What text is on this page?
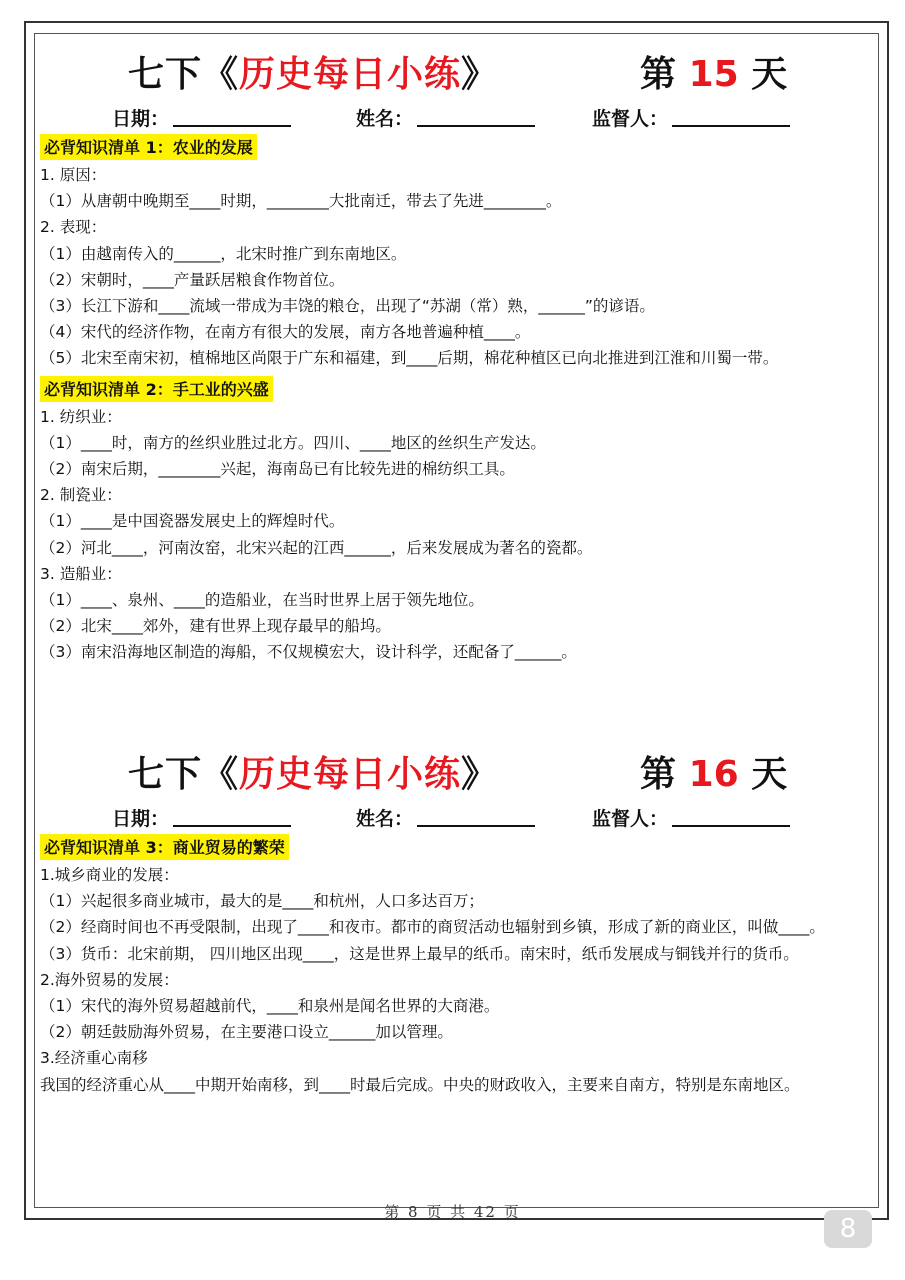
七下《历史每日小练》	第 15 天
日期：	姓名：	监督人：
必背知识清单 1：农业的发展
1. 原因：
（1）从唐朝中晚期至____时期，________大批南迁，带去了先进________。
2. 表现：
（1）由越南传入的______，北宋时推广到东南地区。
（2）宋朝时，____产量跃居粮食作物首位。
（3）长江下游和____流域一带成为丰饶的粮仓，出现了“苏湖（常）熟，______”的谚语。
（4）宋代的经济作物，在南方有很大的发展，南方各地普遍种植____。
（5）北宋至南宋初，植棉地区尚限于广东和福建，到____后期，棉花种植区已向北推进到江淮和川蜀一带。
必背知识清单 2：手工业的兴盛
1. 纺织业：
（1）____时，南方的丝织业胜过北方。四川、____地区的丝织生产发达。
（2）南宋后期，________兴起，海南岛已有比较先进的棉纺织工具。
2. 制瓷业：
（1）____是中国瓷器发展史上的辉煌时代。
（2）河北____，河南汝窑，北宋兴起的江西______，后来发展成为著名的瓷都。
3. 造船业：
（1）____、泉州、____的造船业，在当时世界上居于领先地位。
（2）北宋____郊外，建有世界上现存最早的船坞。
（3）南宋沿海地区制造的海船，不仅规模宏大，设计科学，还配备了______。
七下《历史每日小练》	第 16 天
日期：	姓名：	监督人：
必背知识清单 3：商业贸易的繁荣
1.城乡商业的发展：
（1）兴起很多商业城市，最大的是____和杭州，人口多达百万；
（2）经商时间也不再受限制，出现了____和夜市。都市的商贸活动也辐射到乡镇，形成了新的商业区，叫做____。
（3）货币：北宋前期， 四川地区出现____，这是世界上最早的纸币。南宋时，纸币发展成与铜钱并行的货币。
2.海外贸易的发展：
（1）宋代的海外贸易超越前代，____和泉州是闻名世界的大商港。
（2）朝廷鼓励海外贸易，在主要港口设立______加以管理。
3.经济重心南移
我国的经济重心从____中期开始南移，到____时最后完成。中央的财政收入，主要来自南方，特别是东南地区。
第 8 页 共 42 页
8
